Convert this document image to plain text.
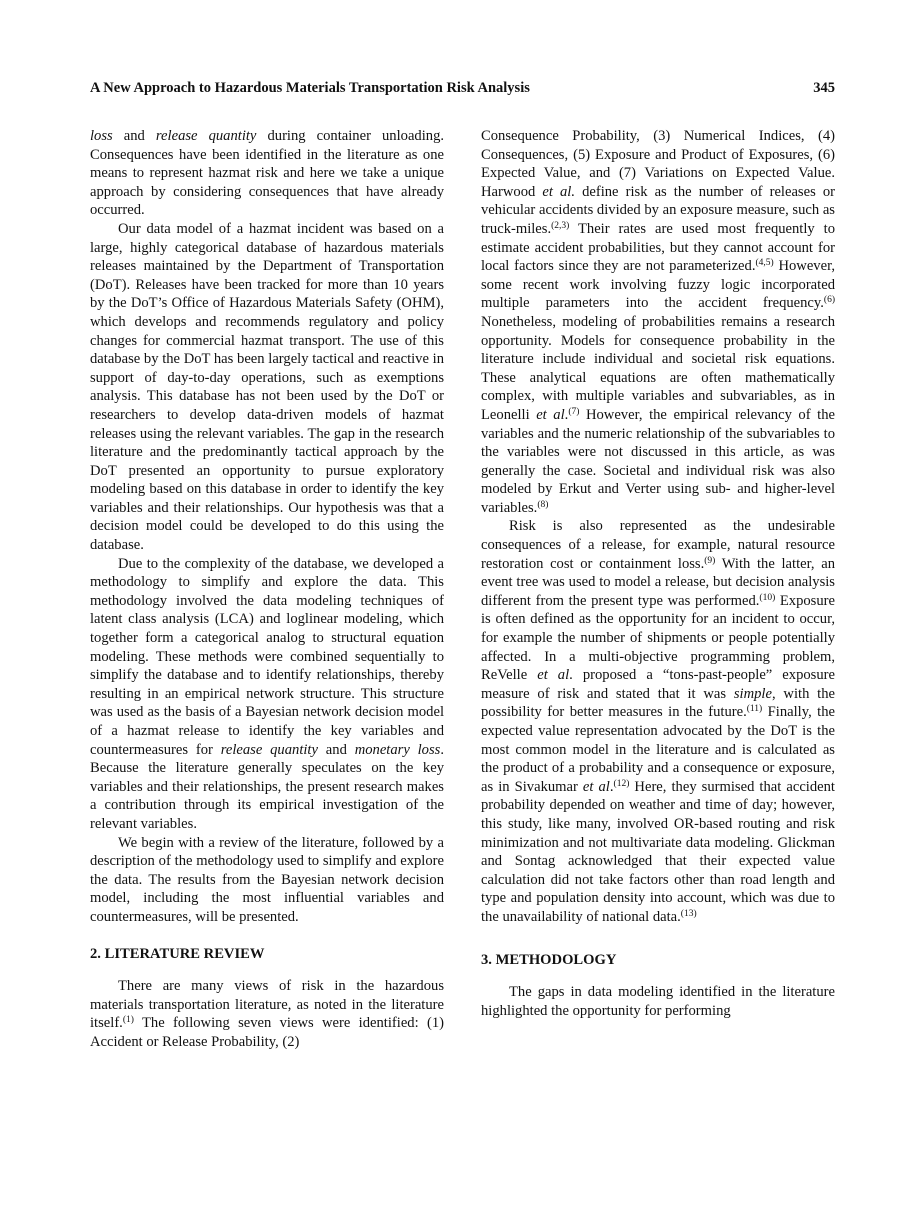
A New Approach to Hazardous Materials Transportation Risk Analysis	345

loss and release quantity during container unloading. Consequences have been identified in the literature as one means to represent hazmat risk and here we take a unique approach by considering consequences that have already occurred.

Our data model of a hazmat incident was based on a large, highly categorical database of hazardous materials releases maintained by the Department of Transportation (DoT). Releases have been tracked for more than 10 years by the DoT’s Office of Hazardous Materials Safety (OHM), which develops and recommends regulatory and policy changes for commercial hazmat transport. The use of this database by the DoT has been largely tactical and reactive in support of day-to-day operations, such as exemptions analysis. This database has not been used by the DoT or researchers to develop data-driven models of hazmat releases using the relevant variables. The gap in the research literature and the predominantly tactical approach by the DoT presented an opportunity to pursue exploratory modeling based on this database in order to identify the key variables and their relationships. Our hypothesis was that a decision model could be developed to do this using the database.

Due to the complexity of the database, we developed a methodology to simplify and explore the data. This methodology involved the data modeling techniques of latent class analysis (LCA) and loglinear modeling, which together form a categorical analog to structural equation modeling. These methods were combined sequentially to simplify the database and to identify relationships, thereby resulting in an empirical network structure. This structure was used as the basis of a Bayesian network decision model of a hazmat release to identify the key variables and countermeasures for release quantity and monetary loss. Because the literature generally speculates on the key variables and their relationships, the present research makes a contribution through its empirical investigation of the relevant variables.

We begin with a review of the literature, followed by a description of the methodology used to simplify and explore the data. The results from the Bayesian network decision model, including the most influential variables and countermeasures, will be presented.

2. LITERATURE REVIEW

There are many views of risk in the hazardous materials transportation literature, as noted in the literature itself.$^{(1)}$ The following seven views were identified: (1) Accident or Release Probability, (2)

Consequence Probability, (3) Numerical Indices, (4) Consequences, (5) Exposure and Product of Exposures, (6) Expected Value, and (7) Variations on Expected Value. Harwood et al. define risk as the number of releases or vehicular accidents divided by an exposure measure, such as truck-miles.$^{(2,3)}$ Their rates are used most frequently to estimate accident probabilities, but they cannot account for local factors since they are not parameterized.$^{(4,5)}$ However, some recent work involving fuzzy logic incorporated multiple parameters into the accident frequency.$^{(6)}$ Nonetheless, modeling of probabilities remains a research opportunity. Models for consequence probability in the literature include individual and societal risk equations. These analytical equations are often mathematically complex, with multiple variables and subvariables, as in Leonelli et al.$^{(7)}$ However, the empirical relevancy of the variables and the numeric relationship of the subvariables to the variables were not discussed in this article, as was generally the case. Societal and individual risk was also modeled by Erkut and Verter using sub- and higher-level variables.$^{(8)}$

Risk is also represented as the undesirable consequences of a release, for example, natural resource restoration cost or containment loss.$^{(9)}$ With the latter, an event tree was used to model a release, but decision analysis different from the present type was performed.$^{(10)}$ Exposure is often defined as the opportunity for an incident to occur, for example the number of shipments or people potentially affected. In a multi-objective programming problem, ReVelle et al. proposed a “tons-past-people” exposure measure of risk and stated that it was simple, with the possibility for better measures in the future.$^{(11)}$ Finally, the expected value representation advocated by the DoT is the most common model in the literature and is calculated as the product of a probability and a consequence or exposure, as in Sivakumar et al.$^{(12)}$ Here, they surmised that accident probability depended on weather and time of day; however, this study, like many, involved OR-based routing and risk minimization and not multivariate data modeling. Glickman and Sontag acknowledged that their expected value calculation did not take factors other than road length and type and population density into account, which was due to the unavailability of national data.$^{(13)}$

3. METHODOLOGY

The gaps in data modeling identified in the literature highlighted the opportunity for performing
